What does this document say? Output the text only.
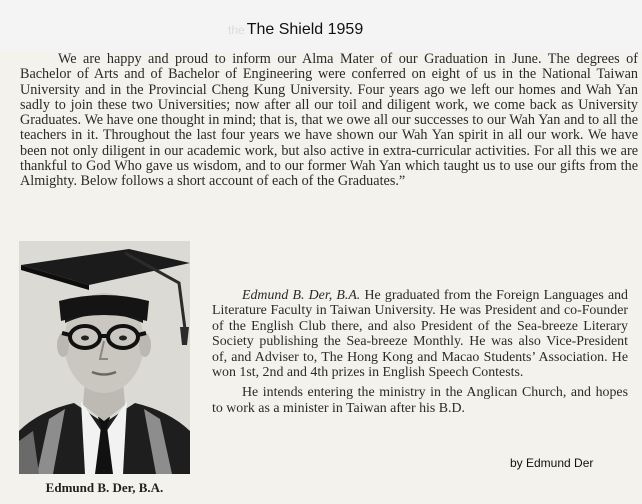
the The Shield 1959

We are happy and proud to inform our Alma Mater of our Graduation in June. The degrees of Bachelor of Arts and of Bachelor of Engineering were conferred on eight of us in the National Taiwan University and in the Provincial Cheng Kung University. Four years ago we left our homes and Wah Yan sadly to join these two Universities; now after all our toil and diligent work, we come back as University Graduates. We have one thought in mind; that is, that we owe all our successes to our Wah Yan and to all the teachers in it. Throughout the last four years we have shown our Wah Yan spirit in all our work. We have been not only diligent in our academic work, but also active in extra-curricular activities. For all this we are thankful to God Who gave us wisdom, and to our former Wah Yan which taught us to use our gifts from the Almighty. Below follows a short account of each of the Graduates.”

Edmund B. Der, B.A.

Edmund B. Der, B.A. He graduated from the Foreign Languages and Literature Faculty in Taiwan University. He was President and co-Founder of the English Club there, and also President of the Sea-breeze Literary Society publishing the Sea-breeze Monthly. He was also Vice-President of, and Adviser to, The Hong Kong and Macao Students’ Association. He won 1st, 2nd and 4th prizes in English Speech Contests.

He intends entering the ministry in the Anglican Church, and hopes to work as a minister in Taiwan after his B.D.

by Edmund Der
